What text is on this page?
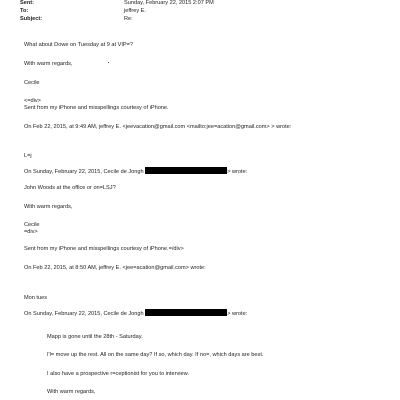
Sent:	Sunday, February 22, 2015 2:07 PM
To:	jeffrey E.
Subject:	Re:
What about Dowe on Tuesday at 9 at VIP=?
With warm regards,
Cecile
<=div>
Sent from my iPhone and misspellings courtesy of iPhone.
On Feb 22, 2015, at 9:49 AM, jeffrey E. <jeevacation@gmail.com <mailto:jee=acation@gmail.com> > wrote:
L=j
On Sunday, February 22, 2015, Cecile de Jongh	> wrote:
John Woods at the office or on=LSJ?
With warm regards,
Cecile
=div>
Sent from my iPhone and misspellings courtesy of iPhone.=/div>
On Feb 22, 2015, at 8:50 AM, jeffrey E. <jee=acation@gmail.com> wrote:
Mon tues
On Sunday, February 22, 2015, Cecile de Jongh	> wrote:
Mapp is gone until the 28th - Saturday.
I'l= move up the rest. All on the same day? If so, which day. If no=, which days are best.
I also have a prospective r=ceptionist for you to interview.
With warm regards,
